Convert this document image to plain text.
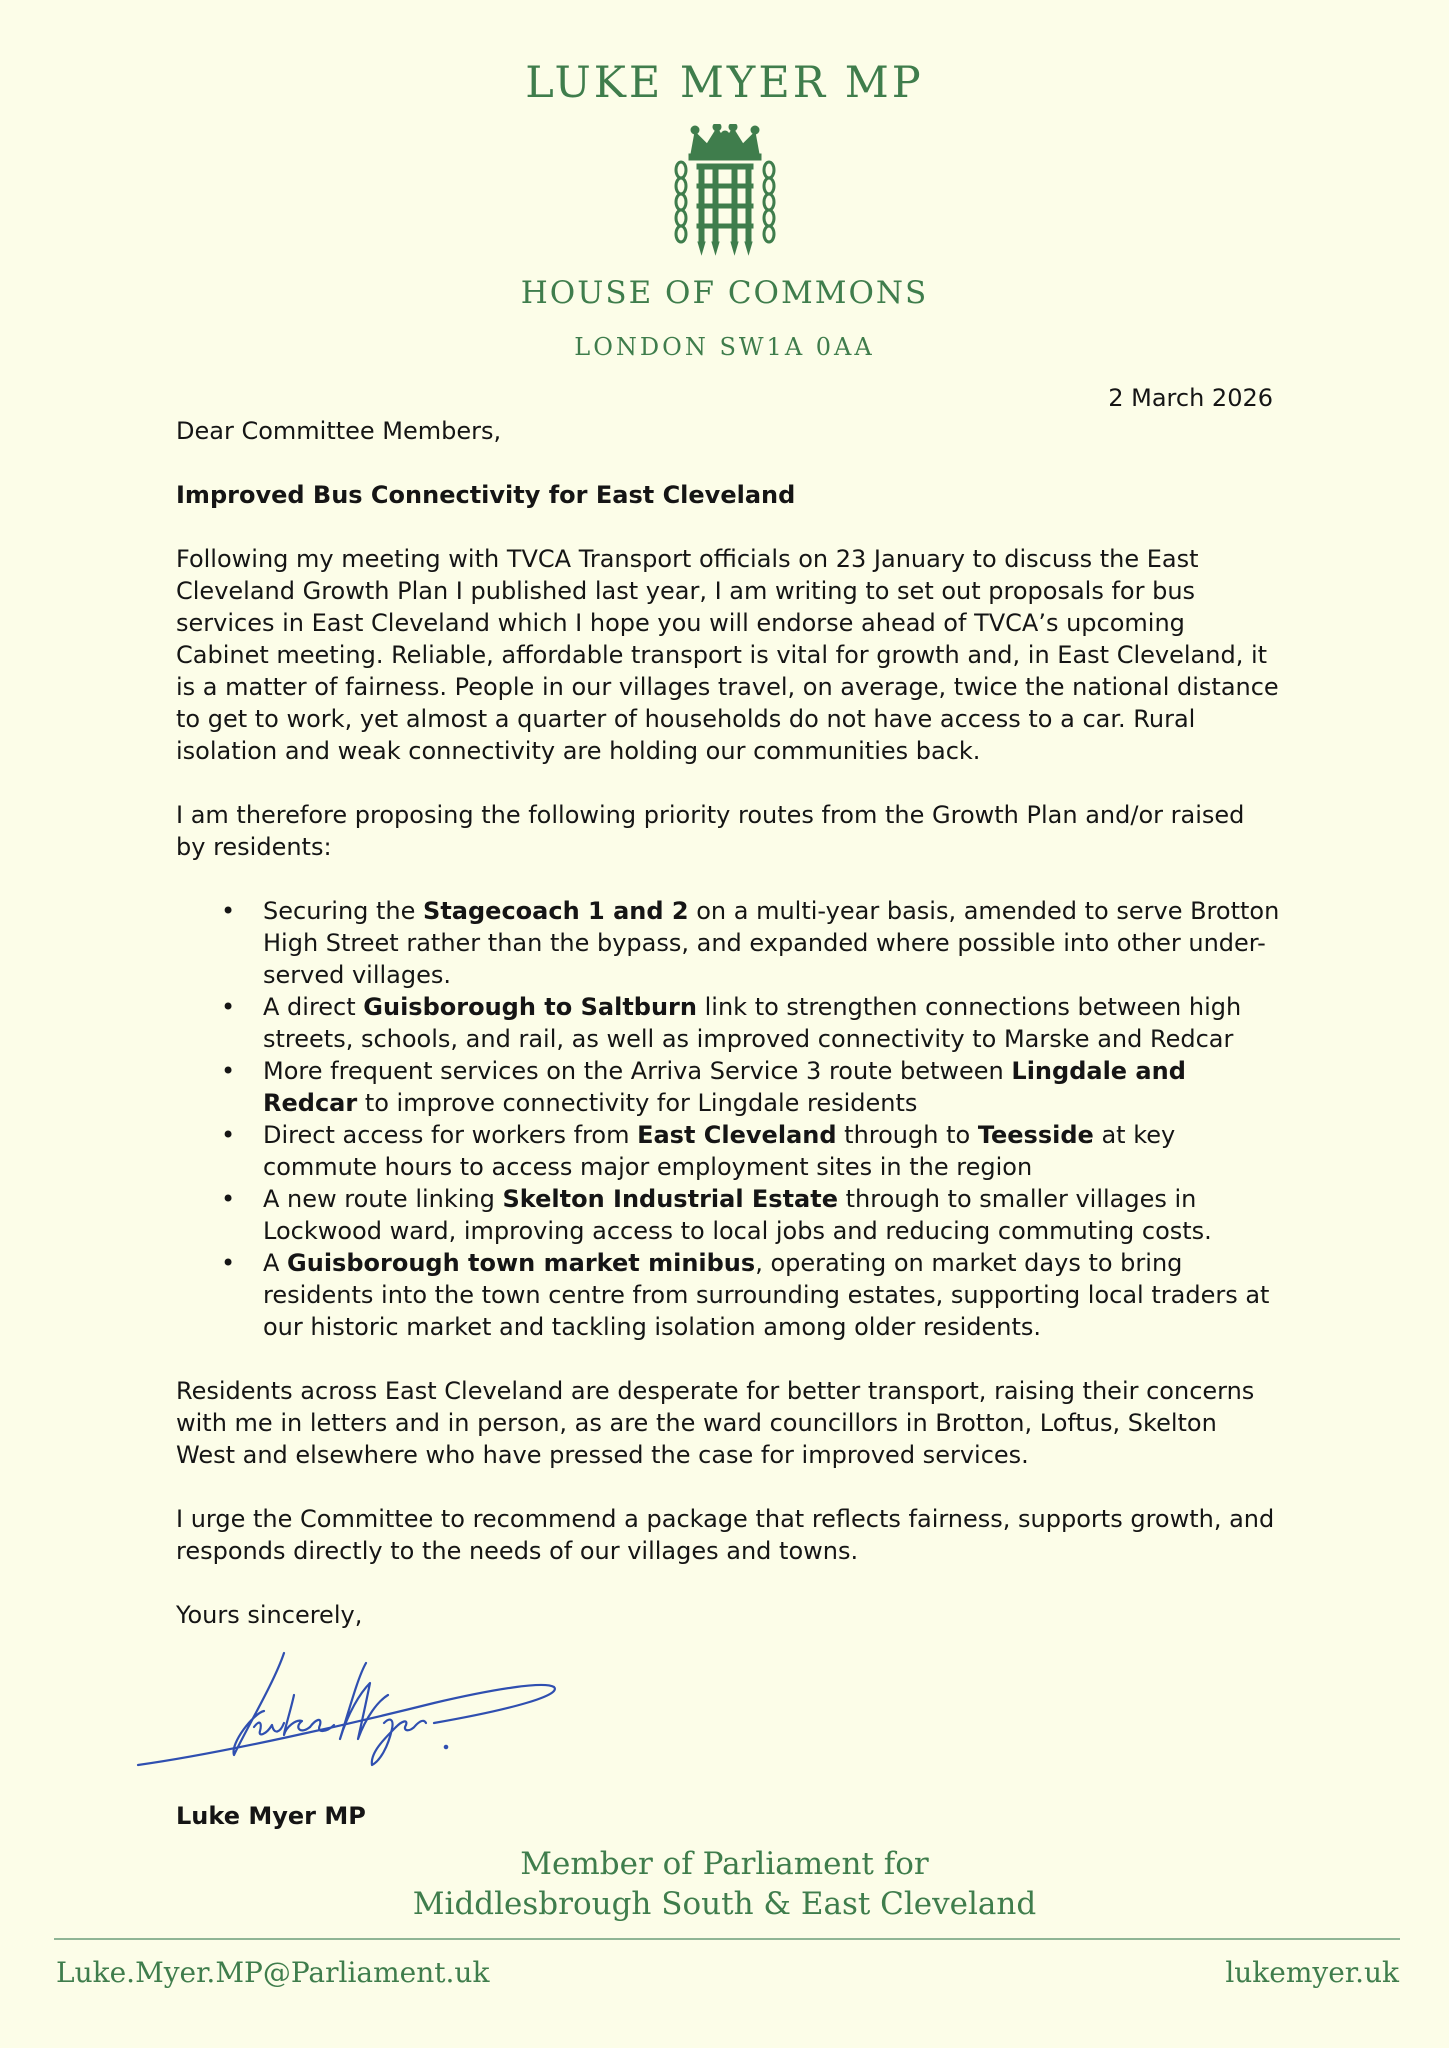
LUKE MYER MP
HOUSE OF COMMONS
LONDON SW1A 0AA
2 March 2026

Dear Committee Members,

Improved Bus Connectivity for East Cleveland

Following my meeting with TVCA Transport officials on 23 January to discuss the East Cleveland Growth Plan I published last year, I am writing to set out proposals for bus services in East Cleveland which I hope you will endorse ahead of TVCA’s upcoming Cabinet meeting. Reliable, affordable transport is vital for growth and, in East Cleveland, it is a matter of fairness. People in our villages travel, on average, twice the national distance to get to work, yet almost a quarter of households do not have access to a car. Rural isolation and weak connectivity are holding our communities back.

I am therefore proposing the following priority routes from the Growth Plan and/or raised by residents:

• Securing the Stagecoach 1 and 2 on a multi-year basis, amended to serve Brotton High Street rather than the bypass, and expanded where possible into other under-served villages.
• A direct Guisborough to Saltburn link to strengthen connections between high streets, schools, and rail, as well as improved connectivity to Marske and Redcar
• More frequent services on the Arriva Service 3 route between Lingdale and Redcar to improve connectivity for Lingdale residents
• Direct access for workers from East Cleveland through to Teesside at key commute hours to access major employment sites in the region
• A new route linking Skelton Industrial Estate through to smaller villages in Lockwood ward, improving access to local jobs and reducing commuting costs.
• A Guisborough town market minibus, operating on market days to bring residents into the town centre from surrounding estates, supporting local traders at our historic market and tackling isolation among older residents.

Residents across East Cleveland are desperate for better transport, raising their concerns with me in letters and in person, as are the ward councillors in Brotton, Loftus, Skelton West and elsewhere who have pressed the case for improved services.

I urge the Committee to recommend a package that reflects fairness, supports growth, and responds directly to the needs of our villages and towns.

Yours sincerely,

Luke Myer MP
Member of Parliament for
Middlesbrough South & East Cleveland
Luke.Myer.MP@Parliament.uk	lukemyer.uk
